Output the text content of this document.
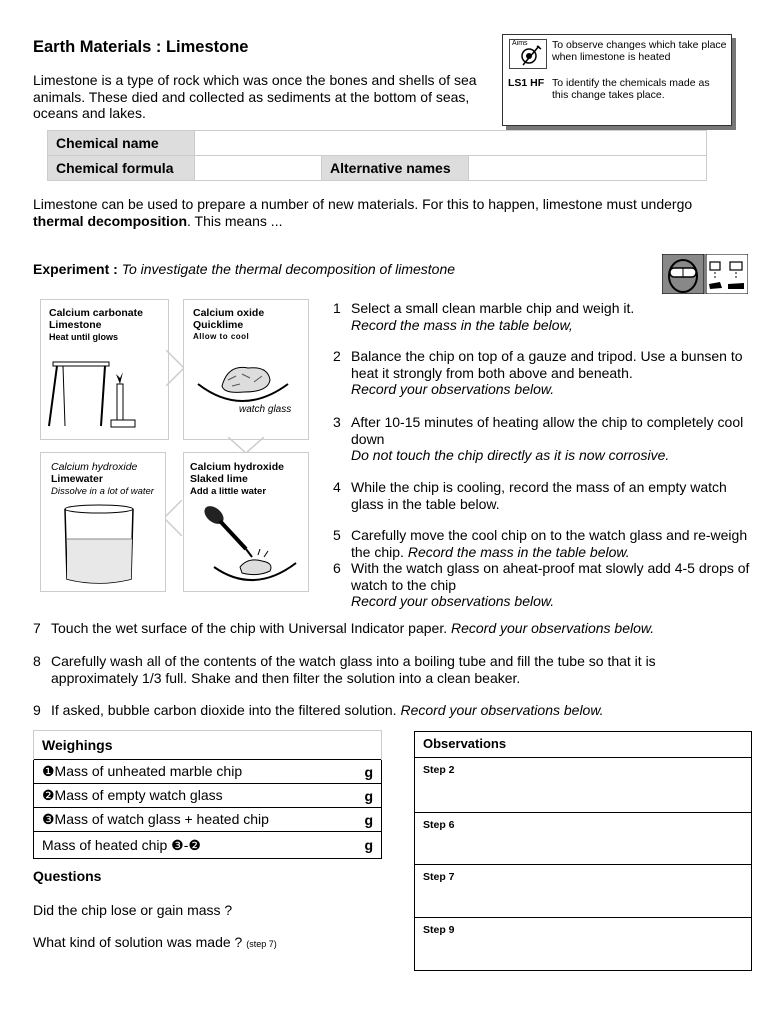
Earth Materials : Limestone
Limestone is a type of rock which was once the bones and shells of sea animals. These died and collected as sediments at the bottom of seas, oceans and lakes.
Aims
LS1 HF
To observe changes which take place when limestone is heated
To identify the chemicals made as this change takes place.
Chemical name			
Chemical formula		Alternative names	
Limestone can be used to prepare a number of new materials. For this to happen, limestone must undergo thermal decomposition. This means ...
Experiment : To investigate the thermal decomposition of limestone
Calcium carbonate
Limestone
Heat until glows
Calcium oxide
Quicklime
Allow to cool
watch glass
Calcium hydroxide
Slaked lime
Add a little water
Calcium hydroxide
Limewater
Dissolve in a lot of water
1 Select a small clean marble chip and weigh it.
Record the mass in the table below,
2 Balance the chip on top of a gauze and tripod. Use a bunsen to heat it strongly from both above and beneath.
Record your observations below.
3 After 10-15 minutes of heating allow the chip to completely cool down
Do not touch the chip directly as it is now corrosive.
4 While the chip is cooling, record the mass of an empty watch glass in the table below.
5 Carefully move the cool chip on to the watch glass and re-weigh the chip. Record the mass in the table below.
6 With the watch glass on aheat-proof mat slowly add 4-5 drops of watch to the chip
Record your observations below.
7 Touch the wet surface of the chip with Universal Indicator paper. Record your observations below.
8 Carefully wash all of the contents of the watch glass into a boiling tube and fill the tube so that it is approximately 1/3 full. Shake and then filter the solution into a clean beaker.
9 If asked, bubble carbon dioxide into the filtered solution. Record your observations below.
Weighings	
❶Mass of unheated marble chip	g
❷Mass of empty watch glass	g
❸Mass of watch glass + heated chip	g
Mass of heated chip ❸-❷	g
Observations
Step 2
Step 6
Step 7
Step 9
Questions
Did the chip lose or gain mass ?
What kind of solution was made ? (step 7)
